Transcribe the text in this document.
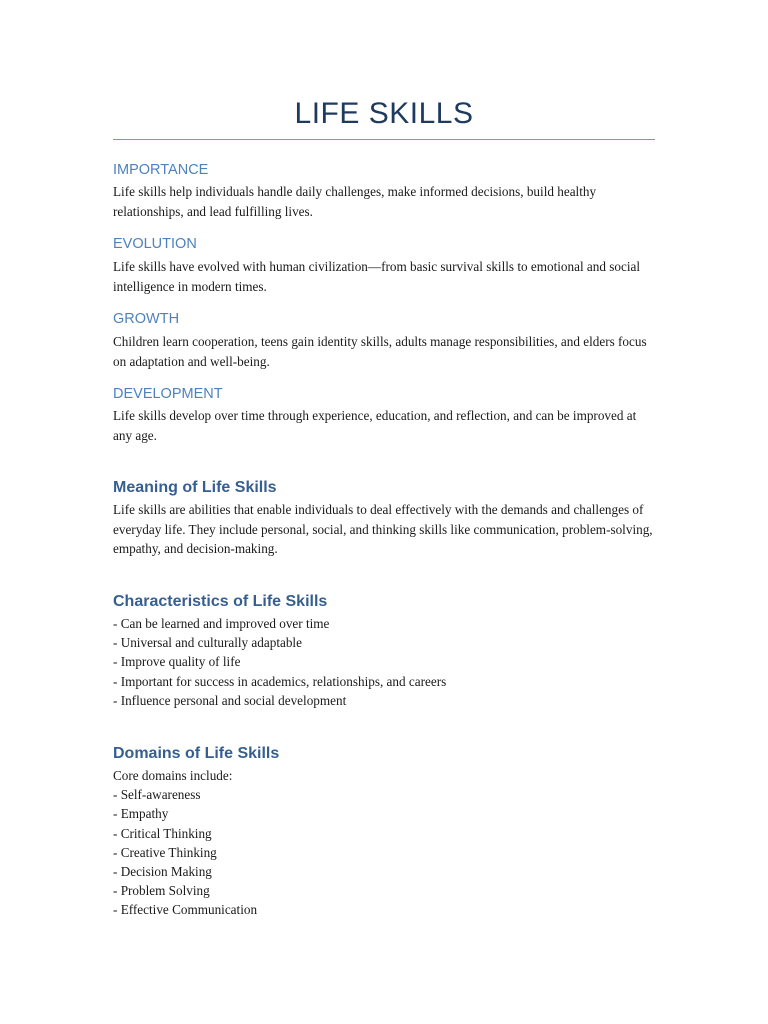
LIFE SKILLS
IMPORTANCE

Life skills help individuals handle daily challenges, make informed decisions, build healthy relationships, and lead fulfilling lives.

EVOLUTION

Life skills have evolved with human civilization—from basic survival skills to emotional and social intelligence in modern times.

GROWTH

Children learn cooperation, teens gain identity skills, adults manage responsibilities, and elders focus on adaptation and well-being.

DEVELOPMENT

Life skills develop over time through experience, education, and reflection, and can be improved at any age.

Meaning of Life Skills

Life skills are abilities that enable individuals to deal effectively with the demands and challenges of everyday life. They include personal, social, and thinking skills like communication, problem-solving, empathy, and decision-making.

Characteristics of Life Skills
- Can be learned and improved over time
- Universal and culturally adaptable
- Improve quality of life
- Important for success in academics, relationships, and careers
- Influence personal and social development
Domains of Life Skills
Core domains include:
- Self-awareness
- Empathy
- Critical Thinking
- Creative Thinking
- Decision Making
- Problem Solving
- Effective Communication
